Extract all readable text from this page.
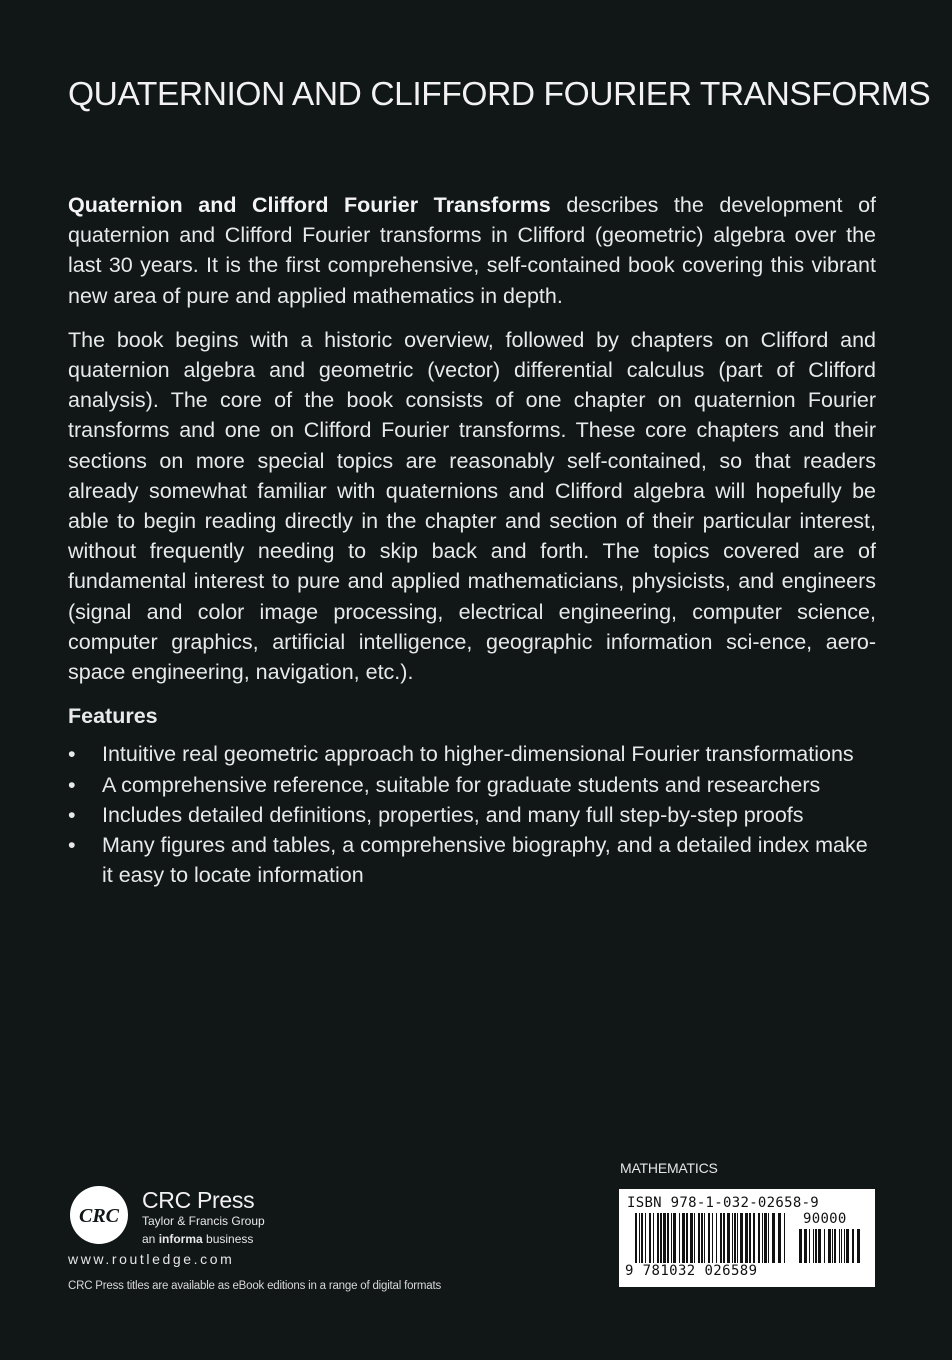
QUATERNION AND CLIFFORD FOURIER TRANSFORMS

Quaternion and Clifford Fourier Transforms describes the development of quaternion and Clifford Fourier transforms in Clifford (geometric) algebra over the last 30 years. It is the first comprehensive, self-contained book covering this vibrant new area of pure and applied mathematics in depth.

The book begins with a historic overview, followed by chapters on Clifford and quaternion algebra and geometric (vector) differential calculus (part of Clifford analysis). The core of the book consists of one chapter on quaternion Fourier transforms and one on Clifford Fourier transforms. These core chapters and their sections on more special topics are reasonably self-contained, so that readers already somewhat familiar with quaternions and Clifford algebra will hopefully be able to begin reading directly in the chapter and section of their particular interest, without frequently needing to skip back and forth. The topics covered are of fundamental interest to pure and applied mathematicians, physicists, and engineers (signal and color image processing, electrical engineering, computer science, computer graphics, artificial intelligence, geographic information sci-ence, aero-space engineering, navigation, etc.).

Features
• Intuitive real geometric approach to higher-dimensional Fourier transformations
• A comprehensive reference, suitable for graduate students and researchers
• Includes detailed definitions, properties, and many full step-by-step proofs
• Many figures and tables, a comprehensive biography, and a detailed index make it easy to locate information
MATHEMATICS
ISBN 978-1-032-02658-9
90000
9 781032 026589
CRC
CRC Press
Taylor & Francis Group
an informa business
www.routledge.com
CRC Press titles are available as eBook editions in a range of digital formats
